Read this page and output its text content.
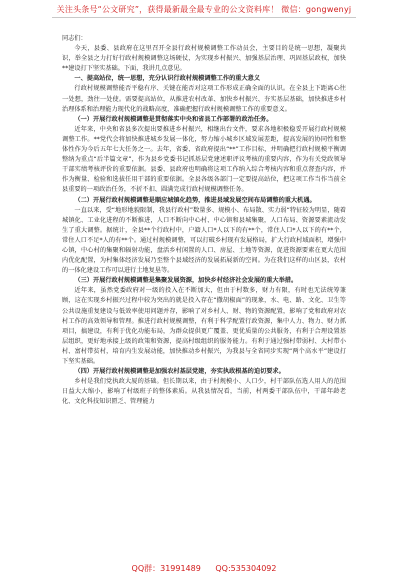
关注头条号“公文研究”，获得最新最全最专业的公文资料库！ 微信：gongwenyj

同志们：

今天，县委、县政府在这里召开全县行政村规模调整工作动员会，主要目的是统一思想，凝聚共识，举全县之力打好行政村规模调整这场硬仗，为实现乡村振兴、加强基层治理、巩固基层政权，加快**建设打下坚实基础。下面，我讲几点意见。

一、提高站位，统一思想，充分认识行政村规模调整工作的重大意义

行政村规模调整能否平稳有序、关键在能否对这项工作形成正确全面的认识。在全县上下距离心往一处想，劲往一处使。需要提高站位，从推进农村改革、加快乡村振兴、夯实基层基础，加快推进乡村治理体系和治理能力现代化的战略高度，准确把握行政村规模调整工作的重要意义。

（一）开展行政村规模调整是贯彻落实中央和省县工作部署的政治任务。

近年来，中央和省县多次提出要推进乡村振兴，相继出台文件，要求各地积极稳妥开展行政村规模调整工作。**党代会将加快推进城乡发展一体化，努力缩小城乡区域发展差距，提高发展的协同性和整体性作为今后五年七大任务之一。去年，省委、省政府提出“**”工作目标，并明确把行政村规模平衡调整纳为重点“后半篇文章”，作为县乡党委书记抓基层党建述职评议考核的重要内容，作为有关党政领导干部实绩考核评价的重要依据。县委、县政府也明确将这项工作纳入综合考核内容和重点督查内容，并作为衡量、检验和选拔任用干部的重要依据。全县各级各部门一定要提高站位，把这项工作当作当前全县重要的一项政治任务，不折不扣、圆满完成行政村规模调整任务。

（二）开展行政村规模调整是顺应城镇化趋势，推进县域发展空间布局调整的重大机遇。

一直以来，受“地形地貌限制，我县行政村”数量多、规模小、布局散、实力弱“特征较为明显，随着城镇化、工业化进程的不断推进，人口不断向中心村、中心镇和县城集聚，人口布局、资源要素流动发生了重大调整。据统计，全县**个行政村中，户籍人口*人以下的有**个，常住人口*人以下的有**个，常住人口不足*人的有**个。通过村规模调整，可以打破乡村现有发展格局，扩大行政村域面积，增强中心镇，中心村的集聚和辐射功能，盘活乡村闲置的人口、房屋、土地等资源，促进资源要素在更大范围内优化配置，为村集体经济发展乃至整个县域经济的发展拓展新的空间。为在我们这样的山区县，农村的一体化建设工作可以进行土地复垦等。

（三）开展行政村规模调整是集聚发展资源，加快乡村经济社会发展的重大举措。

近年来，虽然党委政府对一级的投入在不断加大，但由于村数多，财力有限，有时也无法统筹兼顾，这在实现乡村振兴过程中较为突出的就是投入存在“撒胡椒面”的现象，水、电、路、文化、卫生等公共设施重复建设与低效率使用问题并存，影响了对乡村人、财、物的资源配置，影响了党和政府对农村工作的高效领导和管理。推进行政村规模调整，有利于科学配置行政资源，集中人力、物力、财力抓项目，搞建设，有利于优化功能布局，为群众提供更广覆盖、更优质量的公共服务，有利于合理设置基层组织，更好地承接上级的政策和资源，提高村级组织的服务能力。有利于通过强村带弱村、大村带小村、富村带贫村，培育内生发展动能，加快推动乡村振兴，为我县与全省同步实现“两个高水平”建设打下坚实基础。

（四）开展行政村规模调整是加强农村基层党建，夯实执政根基的迫切要求。

乡村是我们党执政大厦的基础。但长期以来，由于村规模小、人口少，村干部队伍选人用人的范围日益大大缩小，影响了村级班子的整体素质。从我县情况看，当前，村两委干部队伍中，干部年龄老化、文化科技知识匮乏、管理能力

QQ群：31991489 QQ:535304092
